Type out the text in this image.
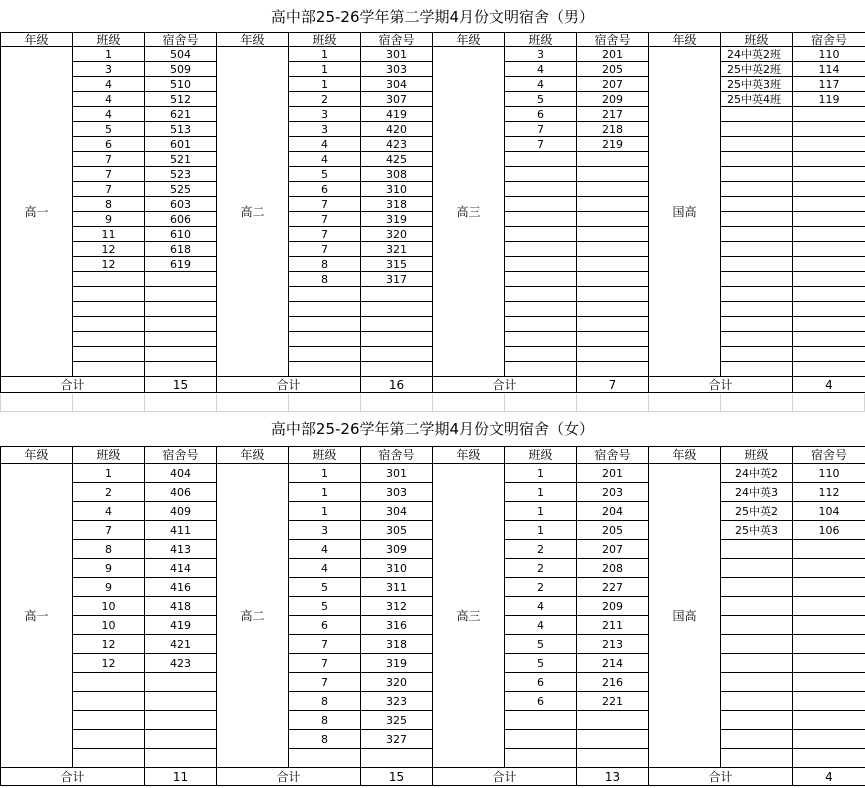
高中部25-26学年第二学期4月份文明宿舍（男）
年级	班级	宿舍号	年级	班级	宿舍号	年级	班级	宿舍号	年级	班级	宿舍号
高一	1	504	高二	1	301	高三	3	201	国高	24中英2班	110
	3	509		1	303		4	205		25中英2班	114
	4	510		1	304		4	207		25中英3班	117
	4	512		2	307		5	209		25中英4班	119
	4	621		3	419		6	217			
	5	513		3	420		7	218			
	6	601		4	423		7	219			
	7	521		4	425						
	7	523		5	308						
	7	525		6	310						
	8	603		7	318						
	9	606		7	319						
	11	610		7	320						
	12	618		7	321						
	12	619		8	315						
				8	317						

合计		15	合计		16	合计		7	合计		4
高中部25-26学年第二学期4月份文明宿舍（女）
年级	班级	宿舍号	年级	班级	宿舍号	年级	班级	宿舍号	年级	班级	宿舍号
高一	1	404	高二	1	301	高三	1	201	国高	24中英2	110
	2	406		1	303		1	203		24中英3	112
	4	409		1	304		1	204		25中英2	104
	7	411		3	305		1	205		25中英3	106
	8	413		4	309		2	207			
	9	414		4	310		2	208			
	9	416		5	311		2	227			
	10	418		5	312		4	209			
	10	419		6	316		4	211			
	12	421		7	318		5	213			
	12	423		7	319		5	214			
				7	320		6	216			
				8	323		6	221			
				8	325						
				8	327						

合计		11	合计		15	合计		13	合计		4
